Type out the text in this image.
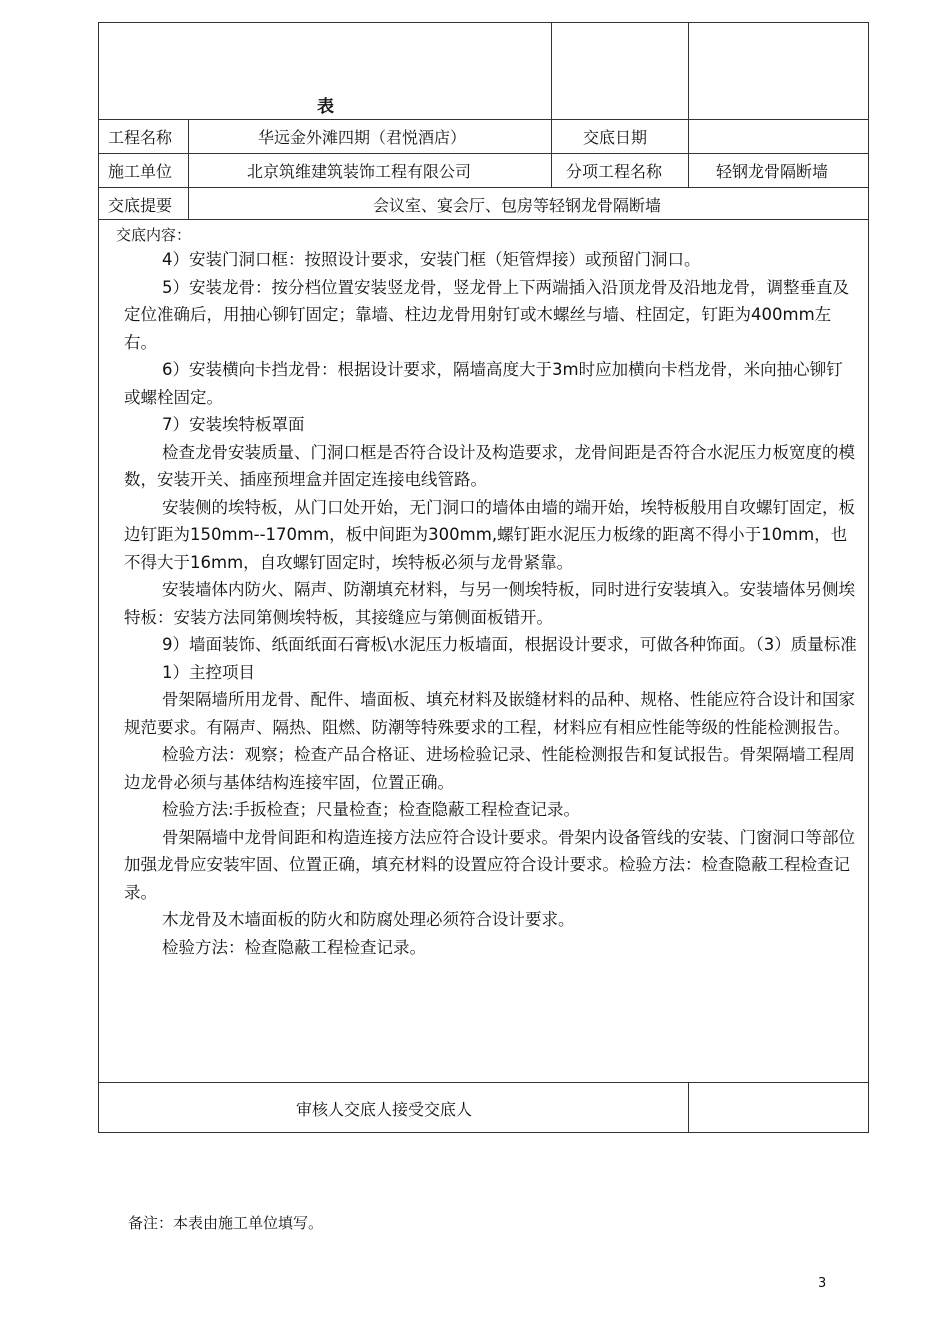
表
工程名称	华远金外滩四期（君悦酒店）	交底日期
施工单位	北京筑维建筑装饰工程有限公司	分项工程名称	轻钢龙骨隔断墙
交底提要	会议室、宴会厅、包房等轻钢龙骨隔断墙

交底内容：

4）安装门洞口框：按照设计要求，安装门框（矩管焊接）或预留门洞口。

5）安装龙骨：按分档位置安装竖龙骨，竖龙骨上下两端插入沿顶龙骨及沿地龙骨，调整垂直及定位准确后，用抽心铆钉固定；靠墙、柱边龙骨用射钉或木螺丝与墙、柱固定，钉距为400mm左右。

6）安装横向卡挡龙骨：根据设计要求，隔墙高度大于3m时应加横向卡档龙骨，米向抽心铆钉或螺栓固定。

7）安装埃特板罩面

检查龙骨安装质量、门洞口框是否符合设计及构造要求，龙骨间距是否符合水泥压力板宽度的模数，安装开关、插座预埋盒并固定连接电线管路。

安装侧的埃特板，从门口处开始，无门洞口的墙体由墙的端开始，埃特板般用自攻螺钉固定，板边钉距为150mm--170mm，板中间距为300mm,螺钉距水泥压力板缘的距离不得小于10mm，也不得大于16mm，自攻螺钉固定时，埃特板必须与龙骨紧靠。

安装墙体内防火、隔声、防潮填充材料，与另一侧埃特板，同时进行安装填入。安装墙体另侧埃特板：安装方法同第侧埃特板，其接缝应与第侧面板错开。

9）墙面装饰、纸面纸面石膏板\水泥压力板墙面，根据设计要求，可做各种饰面。（3）质量标准

1）主控项目

骨架隔墙所用龙骨、配件、墙面板、填充材料及嵌缝材料的品种、规格、性能应符合设计和国家规范要求。有隔声、隔热、阻燃、防潮等特殊要求的工程，材料应有相应性能等级的性能检测报告。

检验方法：观察；检查产品合格证、进场检验记录、性能检测报告和复试报告。骨架隔墙工程周边龙骨必须与基体结构连接牢固，位置正确。

检验方法:手扳检查；尺量检查；检查隐蔽工程检查记录。

骨架隔墙中龙骨间距和构造连接方法应符合设计要求。骨架内设备管线的安装、门窗洞口等部位加强龙骨应安装牢固、位置正确，填充材料的设置应符合设计要求。检验方法：检查隐蔽工程检查记录。

木龙骨及木墙面板的防火和防腐处理必须符合设计要求。

检验方法：检查隐蔽工程检查记录。

审核人交底人接受交底人
备注：本表由施工单位填写。
3
